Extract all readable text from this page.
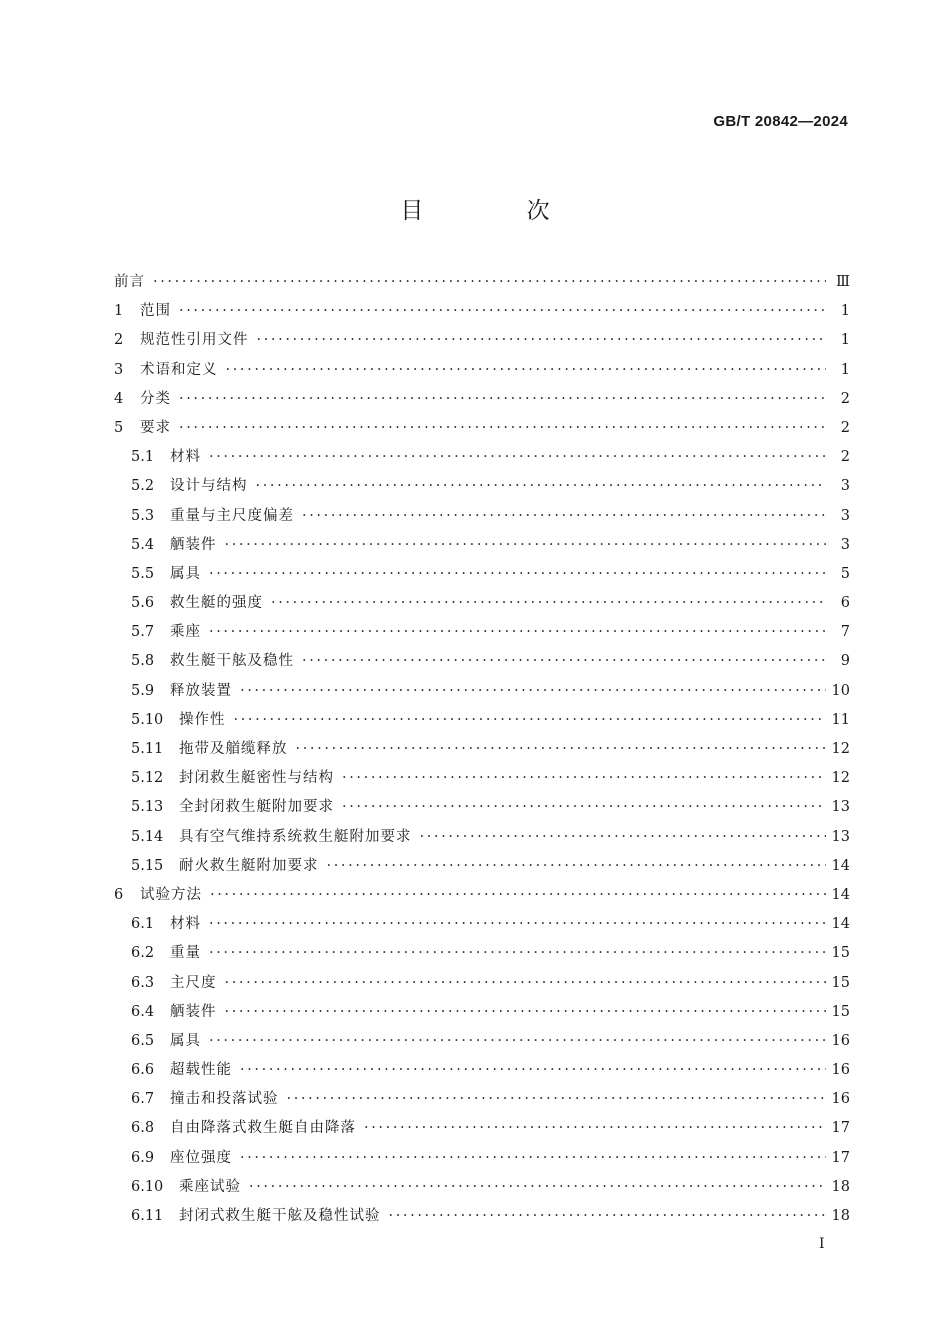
GB/T 20842—2024
目 次
前言 ·····	Ⅲ
1	范围 ·····	1
2	规范性引用文件 ·····	1
3	术语和定义 ·····	1
4	分类 ·····	2
5	要求 ·····	2
5.1	材料 ·····	2
5.2	设计与结构 ·····	3
5.3	重量与主尺度偏差 ·····	3
5.4	舾装件 ·····	3
5.5	属具 ·····	5
5.6	救生艇的强度 ·····	6
5.7	乘座 ·····	7
5.8	救生艇干舷及稳性 ·····	9
5.9	释放装置 ·····	10
5.10	操作性 ·····	11
5.11	拖带及艏缆释放 ·····	12
5.12	封闭救生艇密性与结构 ·····	12
5.13	全封闭救生艇附加要求 ·····	13
5.14	具有空气维持系统救生艇附加要求 ·····	13
5.15	耐火救生艇附加要求 ·····	14
6	试验方法 ·····	14
6.1	材料 ·····	14
6.2	重量 ·····	15
6.3	主尺度 ·····	15
6.4	舾装件 ·····	15
6.5	属具 ·····	16
6.6	超载性能 ·····	16
6.7	撞击和投落试验 ·····	16
6.8	自由降落式救生艇自由降落 ·····	17
6.9	座位强度 ·····	17
6.10	乘座试验 ·····	18
6.11	封闭式救生艇干舷及稳性试验 ·····	18
I
